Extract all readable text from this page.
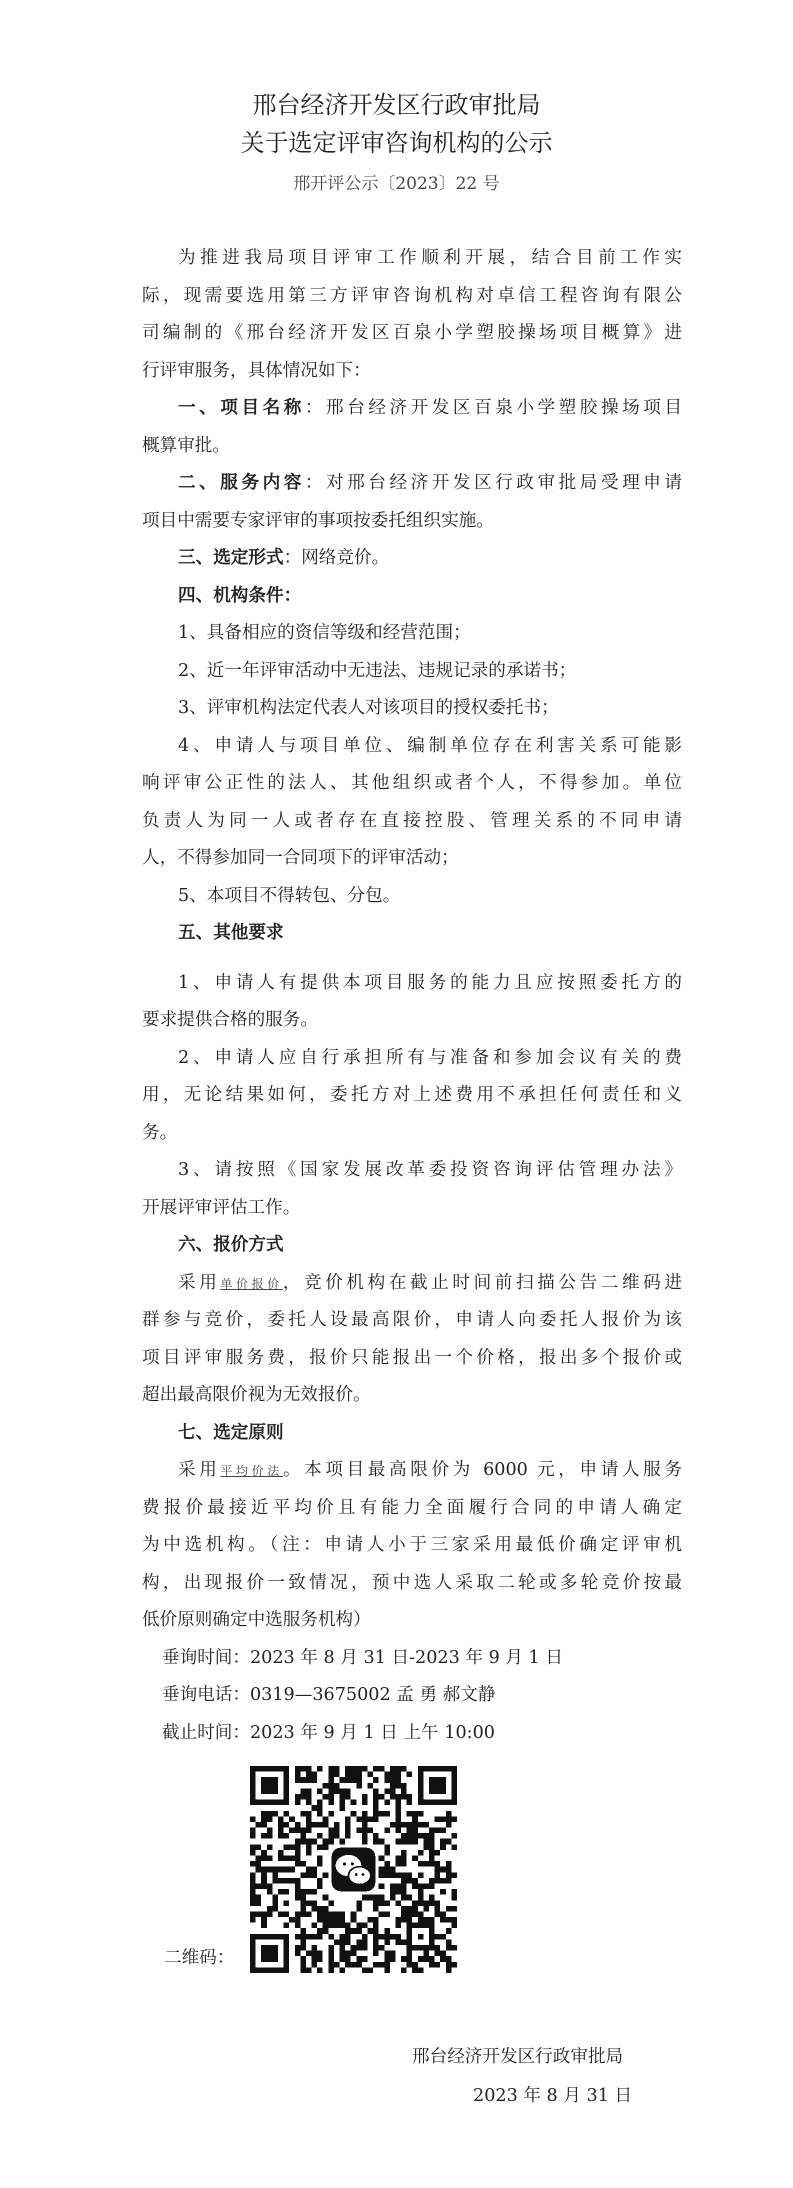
邢台经济开发区行政审批局
关于选定评审咨询机构的公示
邢开评公示〔2023〕22 号
为推进我局项目评审工作顺利开展，结合目前工作实
际，现需要选用第三方评审咨询机构对卓信工程咨询有限公
司编制的《邢台经济开发区百泉小学塑胶操场项目概算》进
行评审服务，具体情况如下：
一、项目名称：邢台经济开发区百泉小学塑胶操场项目
概算审批。
二、服务内容：对邢台经济开发区行政审批局受理申请
项目中需要专家评审的事项按委托组织实施。
三、选定形式：网络竞价。
四、机构条件：
1、具备相应的资信等级和经营范围；
2、近一年评审活动中无违法、违规记录的承诺书；
3、评审机构法定代表人对该项目的授权委托书；
4、申请人与项目单位、编制单位存在利害关系可能影
响评审公正性的法人、其他组织或者个人，不得参加。单位
负责人为同一人或者存在直接控股、管理关系的不同申请
人，不得参加同一合同项下的评审活动；
5、本项目不得转包、分包。
五、其他要求
1、申请人有提供本项目服务的能力且应按照委托方的
要求提供合格的服务。
2、申请人应自行承担所有与准备和参加会议有关的费
用，无论结果如何，委托方对上述费用不承担任何责任和义
务。
3、请按照《国家发展改革委投资咨询评估管理办法》
开展评审评估工作。
六、报价方式
采用单价报价，竞价机构在截止时间前扫描公告二维码进
群参与竞价，委托人设最高限价，申请人向委托人报价为该
项目评审服务费，报价只能报出一个价格，报出多个报价或
超出最高限价视为无效报价。
七、选定原则
采用平均价法。本项目最高限价为 6000 元，申请人服务
费报价最接近平均价且有能力全面履行合同的申请人确定
为中选机构。（注：申请人小于三家采用最低价确定评审机
构，出现报价一致情况，预中选人采取二轮或多轮竞价按最
低价原则确定中选服务机构）
垂询时间：2023 年 8 月 31 日-2023 年 9 月 1 日
垂询电话：0319—3675002 孟 勇 郝文静
截止时间：2023 年 9 月 1 日 上午 10:00
二维码：
邢台经济开发区行政审批局
2023 年 8 月 31 日
